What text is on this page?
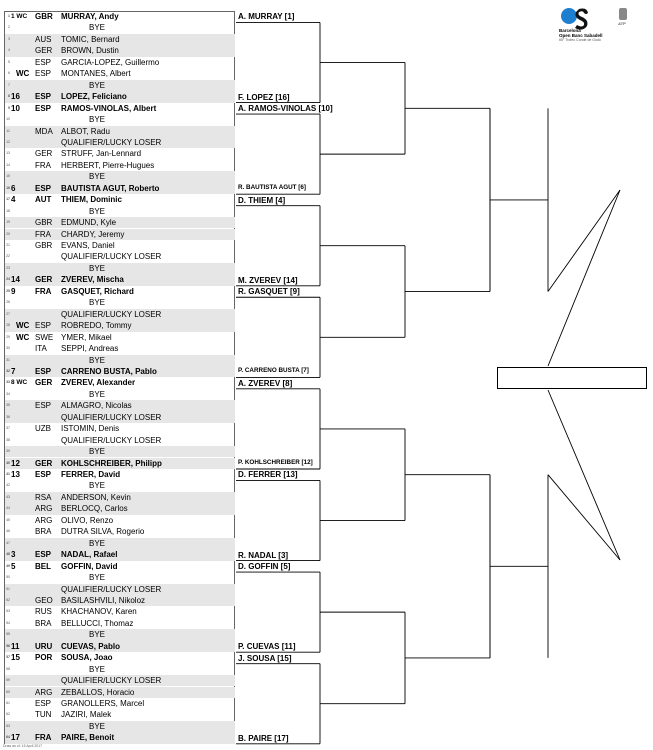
1 1 WC GBR	MURRAY, Andy
2	BYE
3	AUS	TOMIC, Bernard
4	GER	BROWN, Dustin
5	ESP	GARCIA-LOPEZ, Guillermo
6 WC ESP	MONTANES, Albert
7	BYE
8 16	ESP	LOPEZ, Feliciano
9 10	ESP	RAMOS-VINOLAS, Albert
10	BYE
11	MDA	ALBOT, Radu
12	QUALIFIER/LUCKY LOSER
13	GER	STRUFF, Jan-Lennard
14	FRA	HERBERT, Pierre-Hugues
15	BYE
16 6	ESP	BAUTISTA AGUT, Roberto
17 4	AUT	THIEM, Dominic
18	BYE
19	GBR	EDMUND, Kyle
20	FRA	CHARDY, Jeremy
21	GBR	EVANS, Daniel
22	QUALIFIER/LUCKY LOSER
23	BYE
24 14	GER	ZVEREV, Mischa
25 9	FRA	GASQUET, Richard
26	BYE
27	QUALIFIER/LUCKY LOSER
28 WC ESP	ROBREDO, Tommy
29 WC SWE YMER, Mikael
30	ITA	SEPPI, Andreas
31	BYE
32 7	ESP	CARRENO BUSTA, Pablo
33 8 WC GER	ZVEREV, Alexander
34	BYE
35	ESP	ALMAGRO, Nicolas
36	QUALIFIER/LUCKY LOSER
37	UZB	ISTOMIN, Denis
38	QUALIFIER/LUCKY LOSER
39	BYE
40 12	GER	KOHLSCHREIBER, Philipp
41 13	ESP	FERRER, David
42	BYE
43	RSA	ANDERSON, Kevin
44	ARG	BERLOCQ, Carlos
45	ARG	OLIVO, Renzo
46	BRA	DUTRA SILVA, Rogerio
47	BYE
48 3	ESP	NADAL, Rafael
49 5	BEL	GOFFIN, David
50	BYE
51	QUALIFIER/LUCKY LOSER
52	GEO	BASILASHVILI, Nikoloz
53	RUS	KHACHANOV, Karen
54	BRA	BELLUCCI, Thomaz
55	BYE
56 11	URU	CUEVAS, Pablo
57 15	POR	SOUSA, Joao
58	BYE
59	QUALIFIER/LUCKY LOSER
60	ARG	ZEBALLOS, Horacio
61	ESP	GRANOLLERS, Marcel
62	TUN	JAZIRI, Malek
63	BYE
64 17	FRA	PAIRE, Benoit
A. MURRAY [1]
F. LOPEZ [16]
A. RAMOS-VINOLAS [10]
R. BAUTISTA AGUT [6]
D. THIEM [4]
M. ZVEREV [14]
R. GASQUET [9]
P. CARRENO BUSTA [7]
A. ZVEREV [8]
P. KOHLSCHREIBER [12]
D. FERRER [13]
R. NADAL [3]
D. GOFFIN [5]
P. CUEVAS [11]
J. SOUSA [15]
B. PAIRE [17]
Barcelona
Open Banc Sabadell
65° Trofeo Conde de Godó
ATP
Draw as of: 15 April 2017
